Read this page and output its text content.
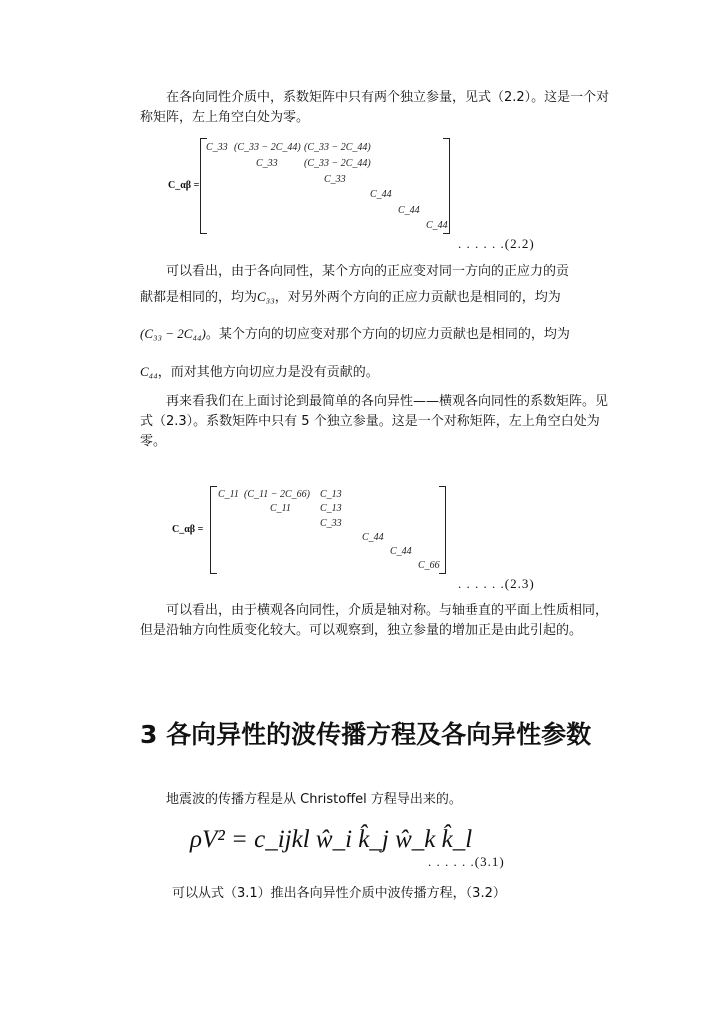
在各向同性介质中，系数矩阵中只有两个独立参量，见式（2.2）。这是一个对称矩阵，左上角空白处为零。

C_αβ =
C_33 (C_33 − 2C_44) (C_33 − 2C_44)
C_33	(C_33 − 2C_44)
C_33
C_44
C_44
C_44
. . . . . .(2.2)

可以看出，由于各向同性，某个方向的正应变对同一方向的正应力的贡

献都是相同的，均为C₃₃，对另外两个方向的正应力贡献也是相同的，均为

(C₃₃ − 2C₄₄)。某个方向的切应变对那个方向的切应力贡献也是相同的，均为

C₄₄，而对其他方向切应力是没有贡献的。

再来看我们在上面讨论到最简单的各向异性——横观各向同性的系数矩阵。见式（2.3）。系数矩阵中只有 5 个独立参量。这是一个对称矩阵，左上角空白处为零。

C_αβ =
C_11 (C_11 − 2C_66) C_13
C_11	C_13
C_33
C_44
C_44
C_66
. . . . . .(2.3)

可以看出，由于横观各向同性，介质是轴对称。与轴垂直的平面上性质相同，但是沿轴方向性质变化较大。可以观察到，独立参量的增加正是由此引起的。

3 各向异性的波传播方程及各向异性参数

地震波的传播方程是从 Christoffel 方程导出来的。

ρV² = c_ijkl ŵ_i k̂_j ŵ_k k̂_l
. . . . . .(3.1)

可以从式（3.1）推出各向异性介质中波传播方程，（3.2）
